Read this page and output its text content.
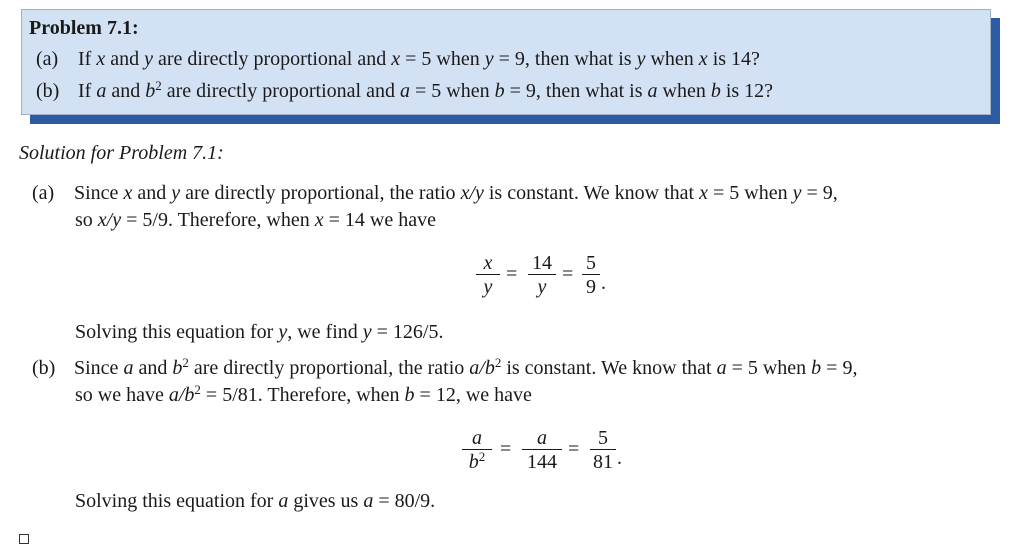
Problem 7.1:
(a) If x and y are directly proportional and x = 5 when y = 9, then what is y when x is 14?
(b) If a and $b^2$ are directly proportional and a = 5 when b = 9, then what is a when b is 12?
Solution for Problem 7.1:
(a) Since x and y are directly proportional, the ratio x/y is constant. We know that x = 5 when y = 9,
so x/y = 5/9. Therefore, when x = 14 we have
x
y
= 14
y
= 5
9 .
Solving this equation for y, we find y = 126/5.
(b) Since a and $b^2$ are directly proportional, the ratio $a/b^2$ is constant. We know that a = 5 when b = 9,
so we have $a/b^2 = 5/81$. Therefore, when b = 12, we have
a
$b^2$ =	a
144
= 5
81 .
Solving this equation for a gives us a = 80/9.
